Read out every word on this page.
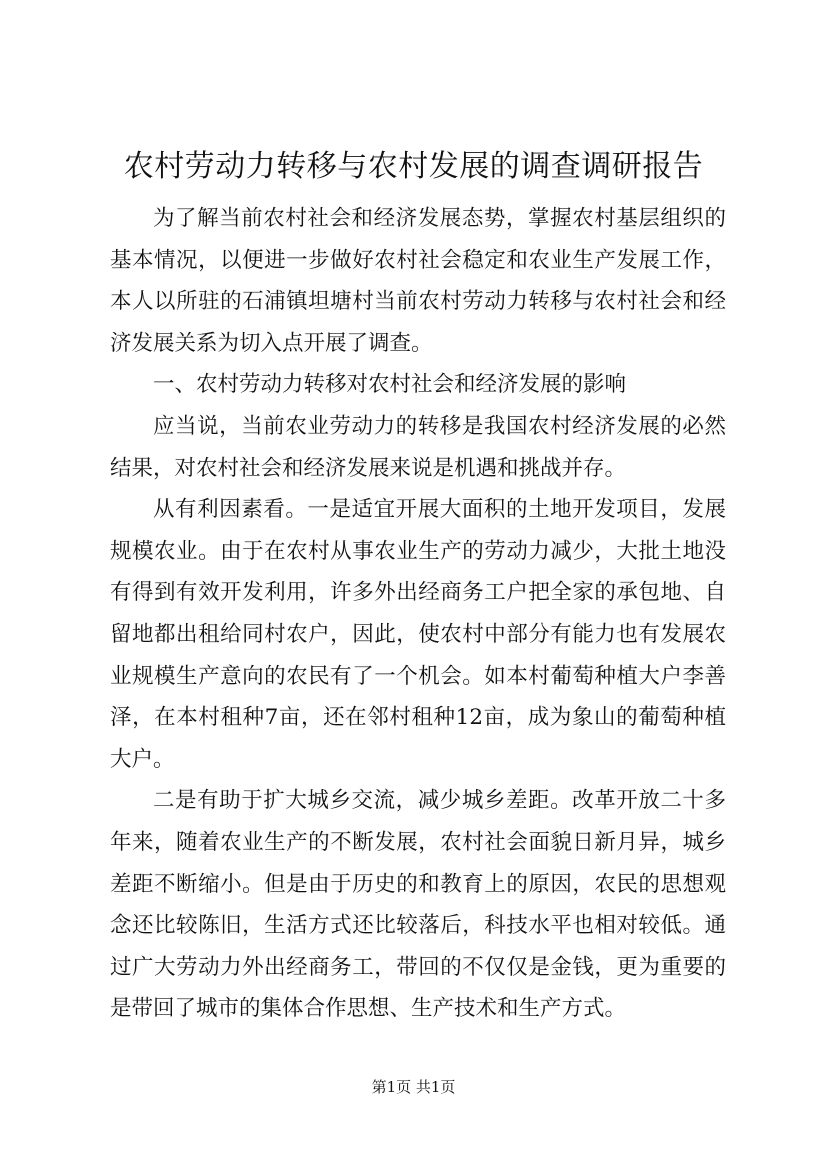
农村劳动力转移与农村发展的调查调研报告

为了解当前农村社会和经济发展态势，掌握农村基层组织的基本情况，以便进一步做好农村社会稳定和农业生产发展工作，本人以所驻的石浦镇坦塘村当前农村劳动力转移与农村社会和经济发展关系为切入点开展了调查。

一、农村劳动力转移对农村社会和经济发展的影响

应当说，当前农业劳动力的转移是我国农村经济发展的必然结果，对农村社会和经济发展来说是机遇和挑战并存。

从有利因素看。一是适宜开展大面积的土地开发项目，发展规模农业。由于在农村从事农业生产的劳动力减少，大批土地没有得到有效开发利用，许多外出经商务工户把全家的承包地、自留地都出租给同村农户，因此，使农村中部分有能力也有发展农业规模生产意向的农民有了一个机会。如本村葡萄种植大户李善泽，在本村租种7亩，还在邻村租种12亩，成为象山的葡萄种植大户。

二是有助于扩大城乡交流，减少城乡差距。改革开放二十多年来，随着农业生产的不断发展，农村社会面貌日新月异，城乡差距不断缩小。但是由于历史的和教育上的原因，农民的思想观念还比较陈旧，生活方式还比较落后，科技水平也相对较低。通过广大劳动力外出经商务工，带回的不仅仅是金钱，更为重要的是带回了城市的集体合作思想、生产技术和生产方式。

第1页 共1页
